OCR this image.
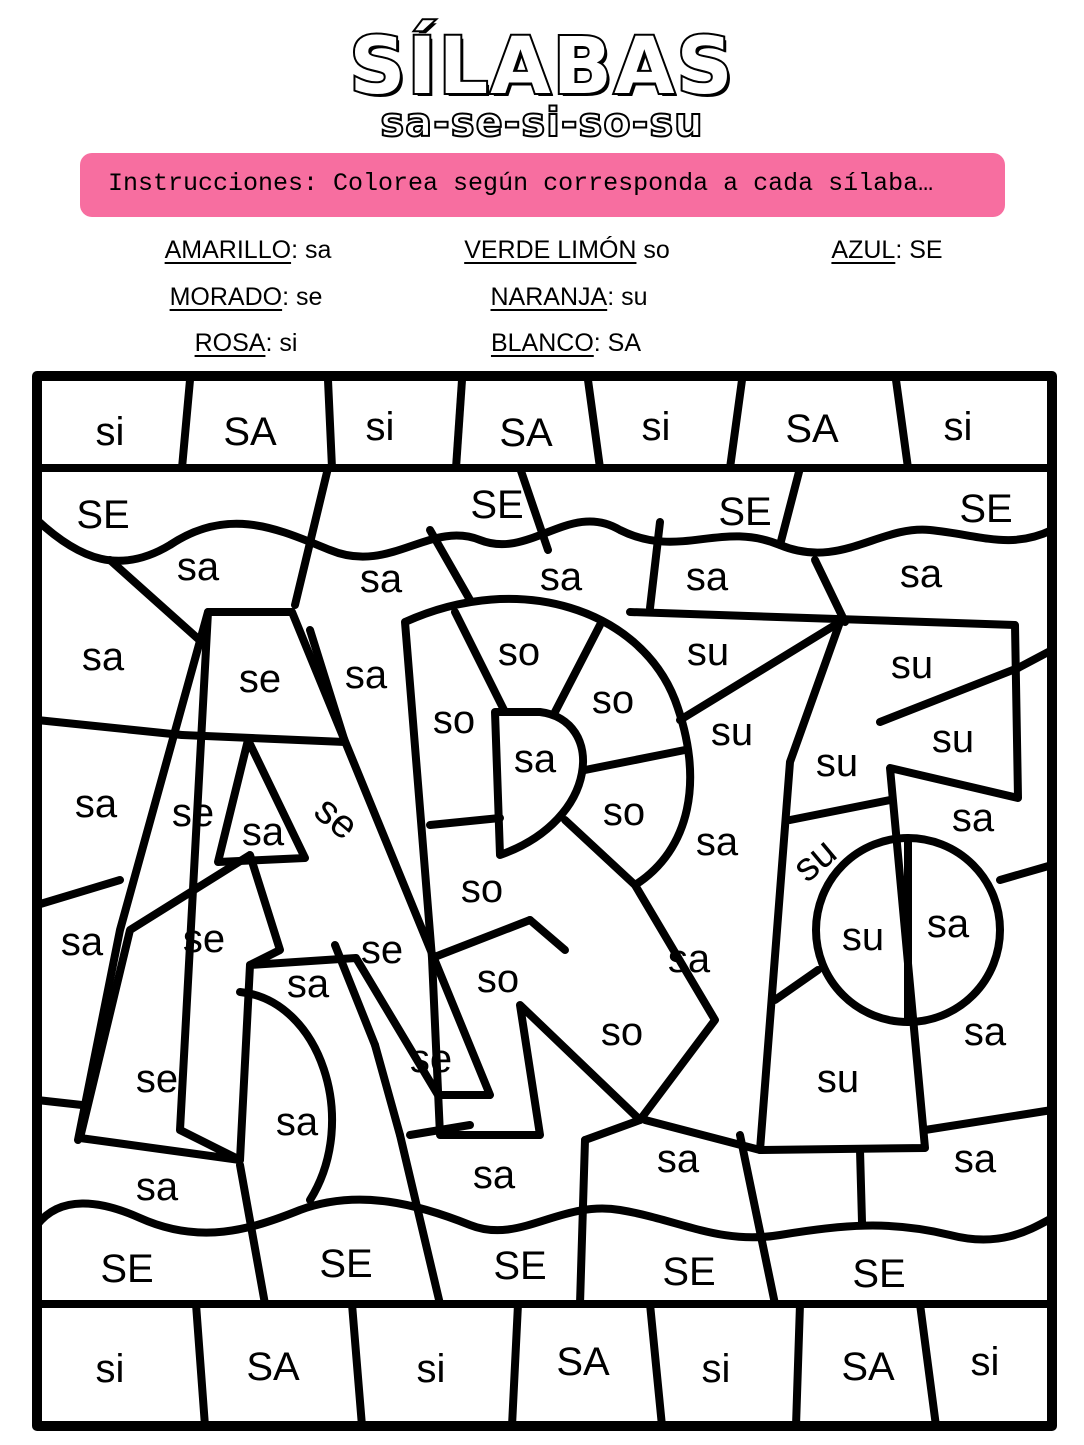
SÍLABAS
sa-se-si-so-su
Instrucciones: Colorea según corresponda a cada sílaba…
AMARILLO: sa	VERDE LIMÓN so	AZUL: SE
MORADO: se	NARANJA: su
ROSA: si	BLANCO: SA
si SA si	SA si	SA	si
SE	SE	SE	SE
sa	sa	sa	sa	sa
sa	se sa
so
so
sa
su	su
su	su
sa se sa se
so
su
so
sa
sa
su
sa se	se
sa
so
sa	su sa
sa
so
se
sa
se
so
sa
su
sa
sa	sa
SE	SE	SE	SE	SE
si	SA	si	SA si	SA si
